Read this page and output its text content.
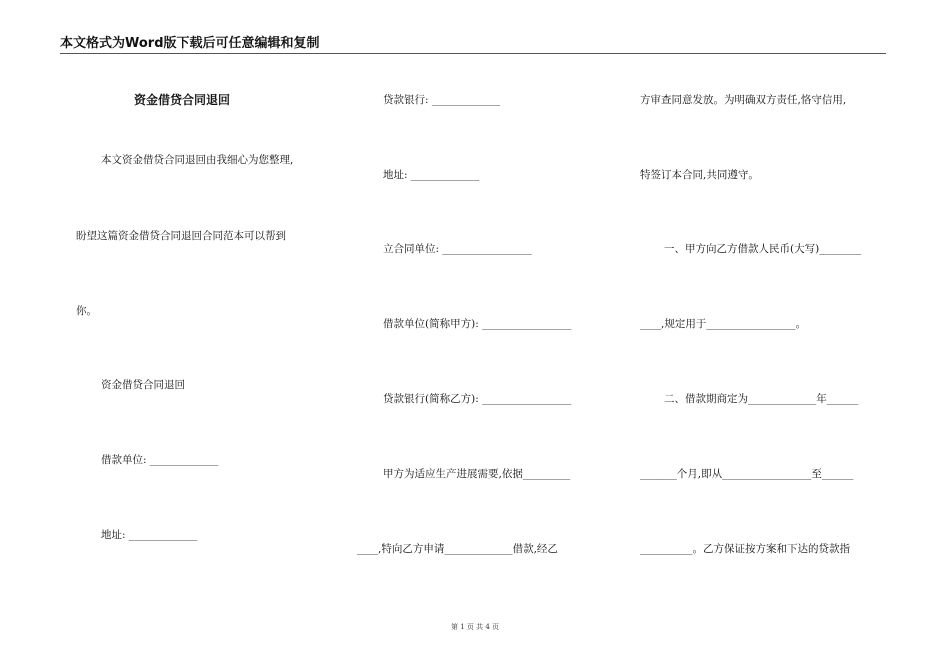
本文格式为Word版下载后可任意编辑和复制
资金借贷合同退回
本文资金借贷合同退回由我细心为您整理,
盼望这篇资金借贷合同退回合同范本可以帮到
你。
资金借贷合同退回
借款单位: _____________
地址: _____________
贷款银行: _____________
地址: _____________
立合同单位: _________________
借款单位(简称甲方): _________________
贷款银行(简称乙方): _________________
甲方为适应生产进展需要,依据_________
____,特向乙方申请_____________借款,经乙
方审查同意发放。为明确双方责任,恪守信用,
特签订本合同,共同遵守。
一、甲方向乙方借款人民币(大写)________
____,规定用于_________________。
二、借款期商定为_____________年______
_______个月,即从_________________至______
__________。乙方保证按方案和下达的贷款指
第 1 页 共 4 页
